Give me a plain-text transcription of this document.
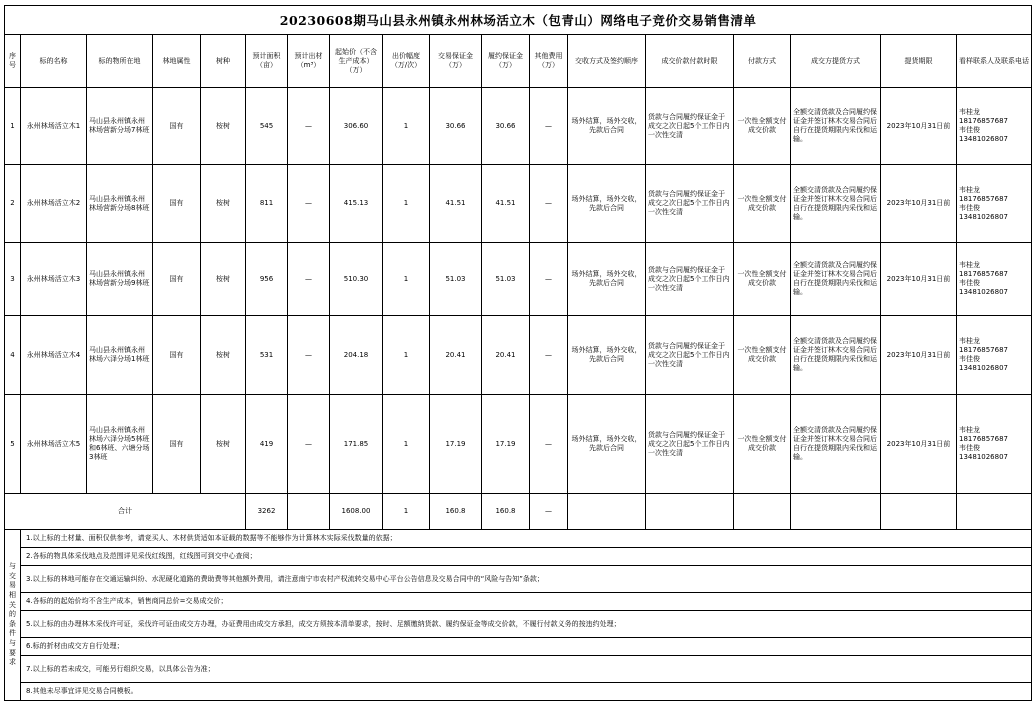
20230608期马山县永州镇永州林场活立木（包青山）网络电子竞价交易销售清单																	
序号	标的名称	标的物所在地	林地属性	树种	预计面积（亩）	预计出材（m³）	起始价（不含生产成本）（万）	出价幅度（万/次）	交易保证金（万）	履约保证金（万）	其他费用（万）	交收方式及签约顺序	成交价款付款时限	付款方式	成交方提货方式	提货期限	看样联系人及联系电话
1	永州林场活立木1	马山县永州镇永州林场营新分场7林班	国有	桉树	545	—	306.60	1	30.66	30.66	—	场外结算，场外交收，先款后合同	货款与合同履约保证金于成交之次日起5个工作日内一次性交清	一次性全额支付成交价款	全额交清货款及合同履约保证金并签订林木交易合同后自行在提货期限内采伐和运输。	2023年10月31日前	韦桂龙
18176857687
韦佳俊
13481026807
2	永州林场活立木2	马山县永州镇永州林场营新分场8林班	国有	桉树	811	—	415.13	1	41.51	41.51	—	场外结算，场外交收，先款后合同	货款与合同履约保证金于成交之次日起5个工作日内一次性交清	一次性全额支付成交价款	全额交清货款及合同履约保证金并签订林木交易合同后自行在提货期限内采伐和运输。	2023年10月31日前	韦桂龙
18176857687
韦佳俊
13481026807
3	永州林场活立木3	马山县永州镇永州林场营新分场9林班	国有	桉树	956	—	510.30	1	51.03	51.03	—	场外结算，场外交收，先款后合同	货款与合同履约保证金于成交之次日起5个工作日内一次性交清	一次性全额支付成交价款	全额交清货款及合同履约保证金并签订林木交易合同后自行在提货期限内采伐和运输。	2023年10月31日前	韦桂龙
18176857687
韦佳俊
13481026807
4	永州林场活立木4	马山县永州镇永州林场六泽分场1林班	国有	桉树	531	—	204.18	1	20.41	20.41	—	场外结算，场外交收，先款后合同	货款与合同履约保证金于成交之次日起5个工作日内一次性交清	一次性全额支付成交价款	全额交清货款及合同履约保证金并签订林木交易合同后自行在提货期限内采伐和运输。	2023年10月31日前	韦桂龙
18176857687
韦佳俊
13481026807
5	永州林场活立木5	马山县永州镇永州林场六泽分场5林班和6林班、六塘分场3林班	国有	桉树	419	—	171.85	1	17.19	17.19	—	场外结算，场外交收，先款后合同	货款与合同履约保证金于成交之次日起5个工作日内一次性交清	一次性全额支付成交价款	全额交清货款及合同履约保证金并签订林木交易合同后自行在提货期限内采伐和运输。	2023年10月31日前	韦桂龙
18176857687
韦佳俊
13481026807
合计					3262		1608.00	1	160.8	160.8	—						

与交易相关的条件与要求	1.以上标的土材量、面积仅供参考，请竞买人、木材供货适如本证载的数据等不能够作为计算林木实际采伐数量的依据；																
	2.各标的物具体采伐地点及范围详见采伐红线图，红线图可到交中心查阅；																
	3.以上标的林地可能存在交通运输纠纷、水泥硬化道路的费助费等其他额外费用，请注意南宁市农村产权流转交易中心平台公告信息及交易合同中的“风险与告知”条款；																
	4.各标的的起始价均不含生产成本，销售商同总价=交易成交价；																
	5.以上标的由办理林木采伐许可证，采伐许可证由成交方办理，办证费用由成交方承担，成交方须按本清单要求，按时、足额缴纳货款、履约保证金等成交价款，不履行付款义务的按违约处理；																
	6.标的折材由成交方自行处理；																
	7.以上标的若未成交，可能另行组织交易，以具体公告为准；																
	8.其他未尽事宜详见交易合同模板。																
